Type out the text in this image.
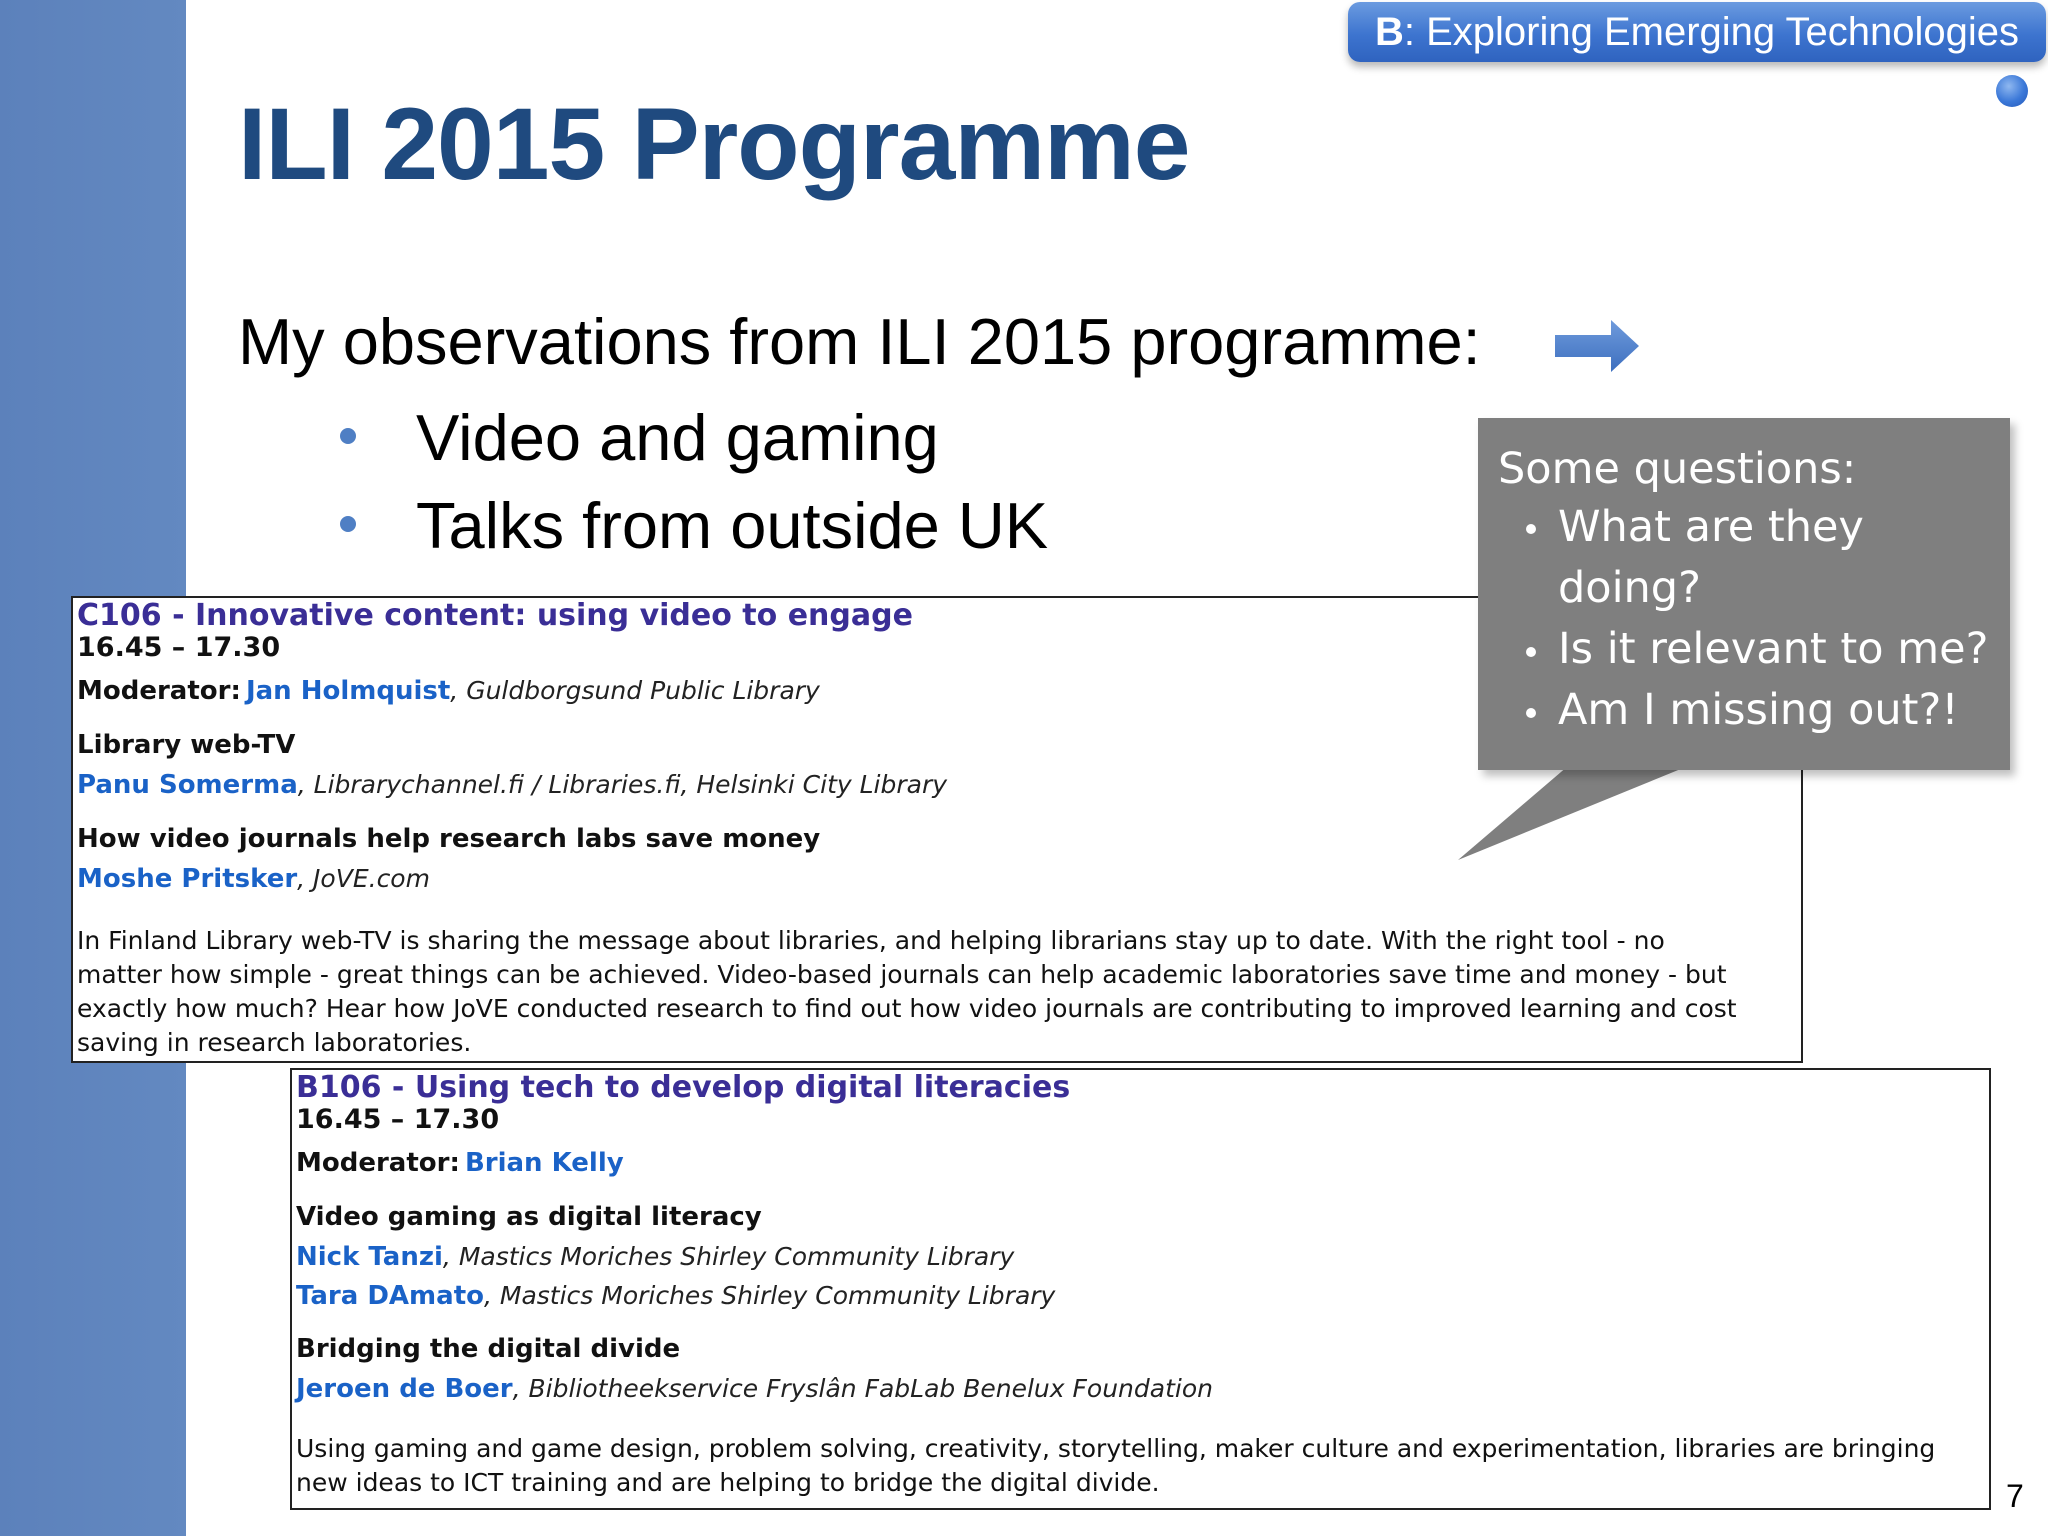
B: Exploring Emerging Technologies
ILI 2015 Programme
My observations from ILI 2015 programme:
Video and gaming
Talks from outside UK
C106 - Innovative content: using video to engage
16.45 – 17.30
Moderator: Jan Holmquist, Guldborgsund Public Library
Library web-TV
Panu Somerma, Librarychannel.fi / Libraries.fi, Helsinki City Library
How video journals help research labs save money
Moshe Pritsker, JoVE.com
In Finland Library web-TV is sharing the message about libraries, and helping librarians stay up to date. With the right tool - no
matter how simple - great things can be achieved. Video-based journals can help academic laboratories save time and money - but
exactly how much? Hear how JoVE conducted research to find out how video journals are contributing to improved learning and cost
saving in research laboratories.
B106 - Using tech to develop digital literacies
16.45 – 17.30
Moderator: Brian Kelly
Video gaming as digital literacy
Nick Tanzi, Mastics Moriches Shirley Community Library
Tara DAmato, Mastics Moriches Shirley Community Library
Bridging the digital divide
Jeroen de Boer, Bibliotheekservice Fryslân FabLab Benelux Foundation
Using gaming and game design, problem solving, creativity, storytelling, maker culture and experimentation, libraries are bringing
new ideas to ICT training and are helping to bridge the digital divide.
Some questions:
What are they
doing?
Is it relevant to me?
Am I missing out?!
7
